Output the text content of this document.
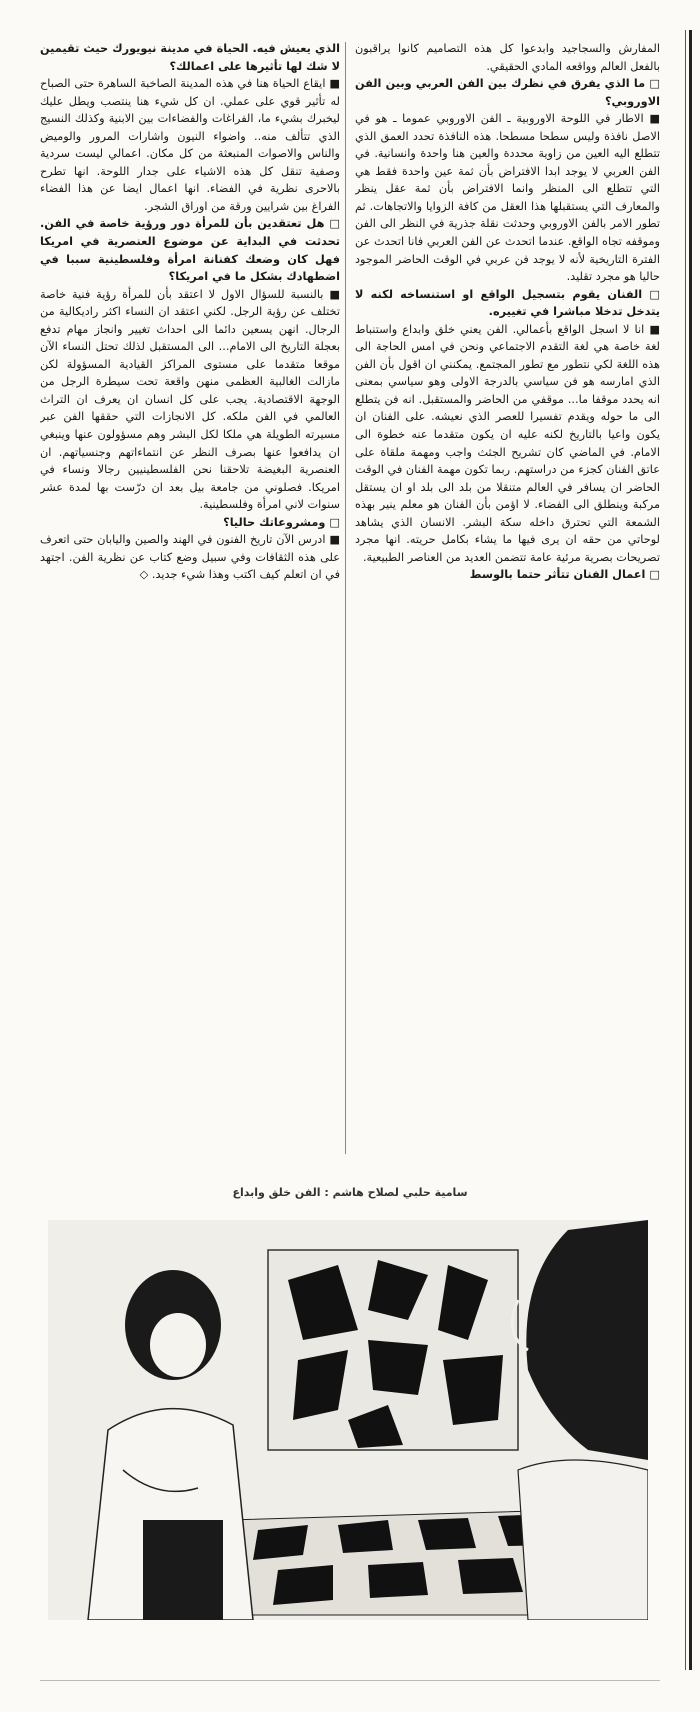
المفارش والسجاجيد وابدعوا كل هذه التصاميم كانوا يراقبون بالفعل العالم وواقعه المادي الحقيقي.

□ ما الذي يفرق في نظرك بين الفن العربي وبين الفن الاوروبي؟

■ الاطار في اللوحة الاوروبية ـ الفن الاوروبي عموما ـ هو في الاصل نافذة وليس سطحا مسطحا. هذه النافذة تحدد العمق الذي تتطلع اليه العين من زاوية محددة والعين هنا واحدة وانسانية. في الفن العربي لا يوجد ابدا الافتراض بأن ثمة عين واحدة فقط هي التي تتطلع الى المنظر وانما الافتراض بأن ثمة عقل ينظر والمعارف التي يستقبلها هذا العقل من كافة الزوايا والاتجاهات. ثم تطور الامر بالفن الاوروبي وحدثت نقلة جذرية في النظر الى الفن وموقفه تجاه الواقع. عندما اتحدث عن الفن العربي فانا اتحدث عن الفترة التاريخية لأنه لا يوجد فن عربي في الوقت الحاضر الموجود حاليا هو مجرد تقليد.

□ الفنان يقوم بتسجيل الواقع او استنساخه لكنه لا يتدخل تدخلا مباشرا في تغييره.

■ انا لا اسجل الواقع بأعمالي. الفن يعني خلق وابداع واستنباط لغة خاصة هي لغة التقدم الاجتماعي ونحن في امس الحاجة الى هذه اللغة لكي نتطور مع تطور المجتمع. يمكنني ان اقول بأن الفن الذي امارسه هو فن سياسي بالدرجة الاولى وهو سياسي بمعنى انه يحدد موقفا ما... موقفي من الحاضر والمستقبل. انه فن يتطلع الى ما حوله ويقدم تفسيرا للعصر الذي نعيشه. على الفنان ان يكون واعيا بالتاريخ لكنه عليه ان يكون متقدما عنه خطوة الى الامام. في الماضي كان تشريح الجثث واجب ومهمة ملقاة على عاتق الفنان كجزء من دراستهم. ربما تكون مهمة الفنان في الوقت الحاضر ان يسافر في العالم متنقلا من بلد الى بلد او ان يستقل مركبة وينطلق الى الفضاء. لا اؤمن بأن الفنان هو معلم ينير بهذه الشمعة التي تحترق داخله سكة البشر. الانسان الذي يشاهد لوحاتي من حقه ان يرى فيها ما يشاء بكامل حريته. انها مجرد تصريحات بصرية مرئية عامة تتضمن العديد من العناصر الطبيعية.

□ اعمال الفنان تتأثر حتما بالوسط

الذي يعيش فيه. الحياة في مدينة نيويورك حيث تقيمين لا شك لها تأثيرها على اعمالك؟

■ ايقاع الحياة هنا في هذه المدينة الصاخبة الساهرة حتى الصباح له تأثير قوي على عملي. ان كل شيء هنا ينتصب ويطل عليك ليخبرك بشيء ما، الفراغات والفضاءات بين الابنية وكذلك النسيج الذي تتألف منه.. واضواء النيون واشارات المرور والوميض والناس والاصوات المنبعثة من كل مكان. اعمالي ليست سردية وصفية تنقل كل هذه الاشياء على جدار اللوحة. انها تطرح بالاحرى نظرية في الفضاء. انها اعمال ايضا عن هذا الفضاء الفراغ بين شرايين ورقة من اوراق الشجر.

□ هل تعتقدين بأن للمرأة دور ورؤية خاصة في الفن. تحدثت في البداية عن موضوع العنصرية في امريكا فهل كان وضعك كفنانة امرأة وفلسطينية سببا في اضطهادك بشكل ما في امريكا؟

■ بالنسبة للسؤال الاول لا اعتقد بأن للمرأة رؤية فنية خاصة تختلف عن رؤية الرجل. لكني اعتقد ان النساء اكثر راديكالية من الرجال. انهن يسعين دائما الى احداث تغيير وانجاز مهام تدفع بعجلة التاريخ الى الامام... الى المستقبل لذلك تحتل النساء الآن موقعا متقدما على مستوى المراكز القيادية المسؤولة لكن مازالت الغالبية العظمى منهن واقعة تحت سيطرة الرجل من الوجهة الاقتصادية. يجب على كل انسان ان يعرف ان التراث العالمي في الفن ملكه. كل الانجازات التي حققها الفن عبر مسيرته الطويلة هي ملكا لكل البشر وهم مسؤولون عنها وينبغي ان يدافعوا عنها بصرف النظر عن انتماءاتهم وجنسياتهم. ان العنصرية البغيضة تلاحقنا نحن الفلسطينيين رجالا ونساء في امريكا. فصلوني من جامعة بيل بعد ان درّست بها لمدة عشر سنوات لاني امرأة وفلسطينية.

□ ومشروعاتك حاليا؟

■ ادرس الآن تاريخ الفنون في الهند والصين واليابان حتى اتعرف على هذه الثقافات وفي سبيل وضع كتاب عن نظرية الفن. اجتهد في ان اتعلم كيف اكتب وهذا شيء جديد. ◇

سامية حلبي لصلاح هاشم : الفن خلق وابداع
